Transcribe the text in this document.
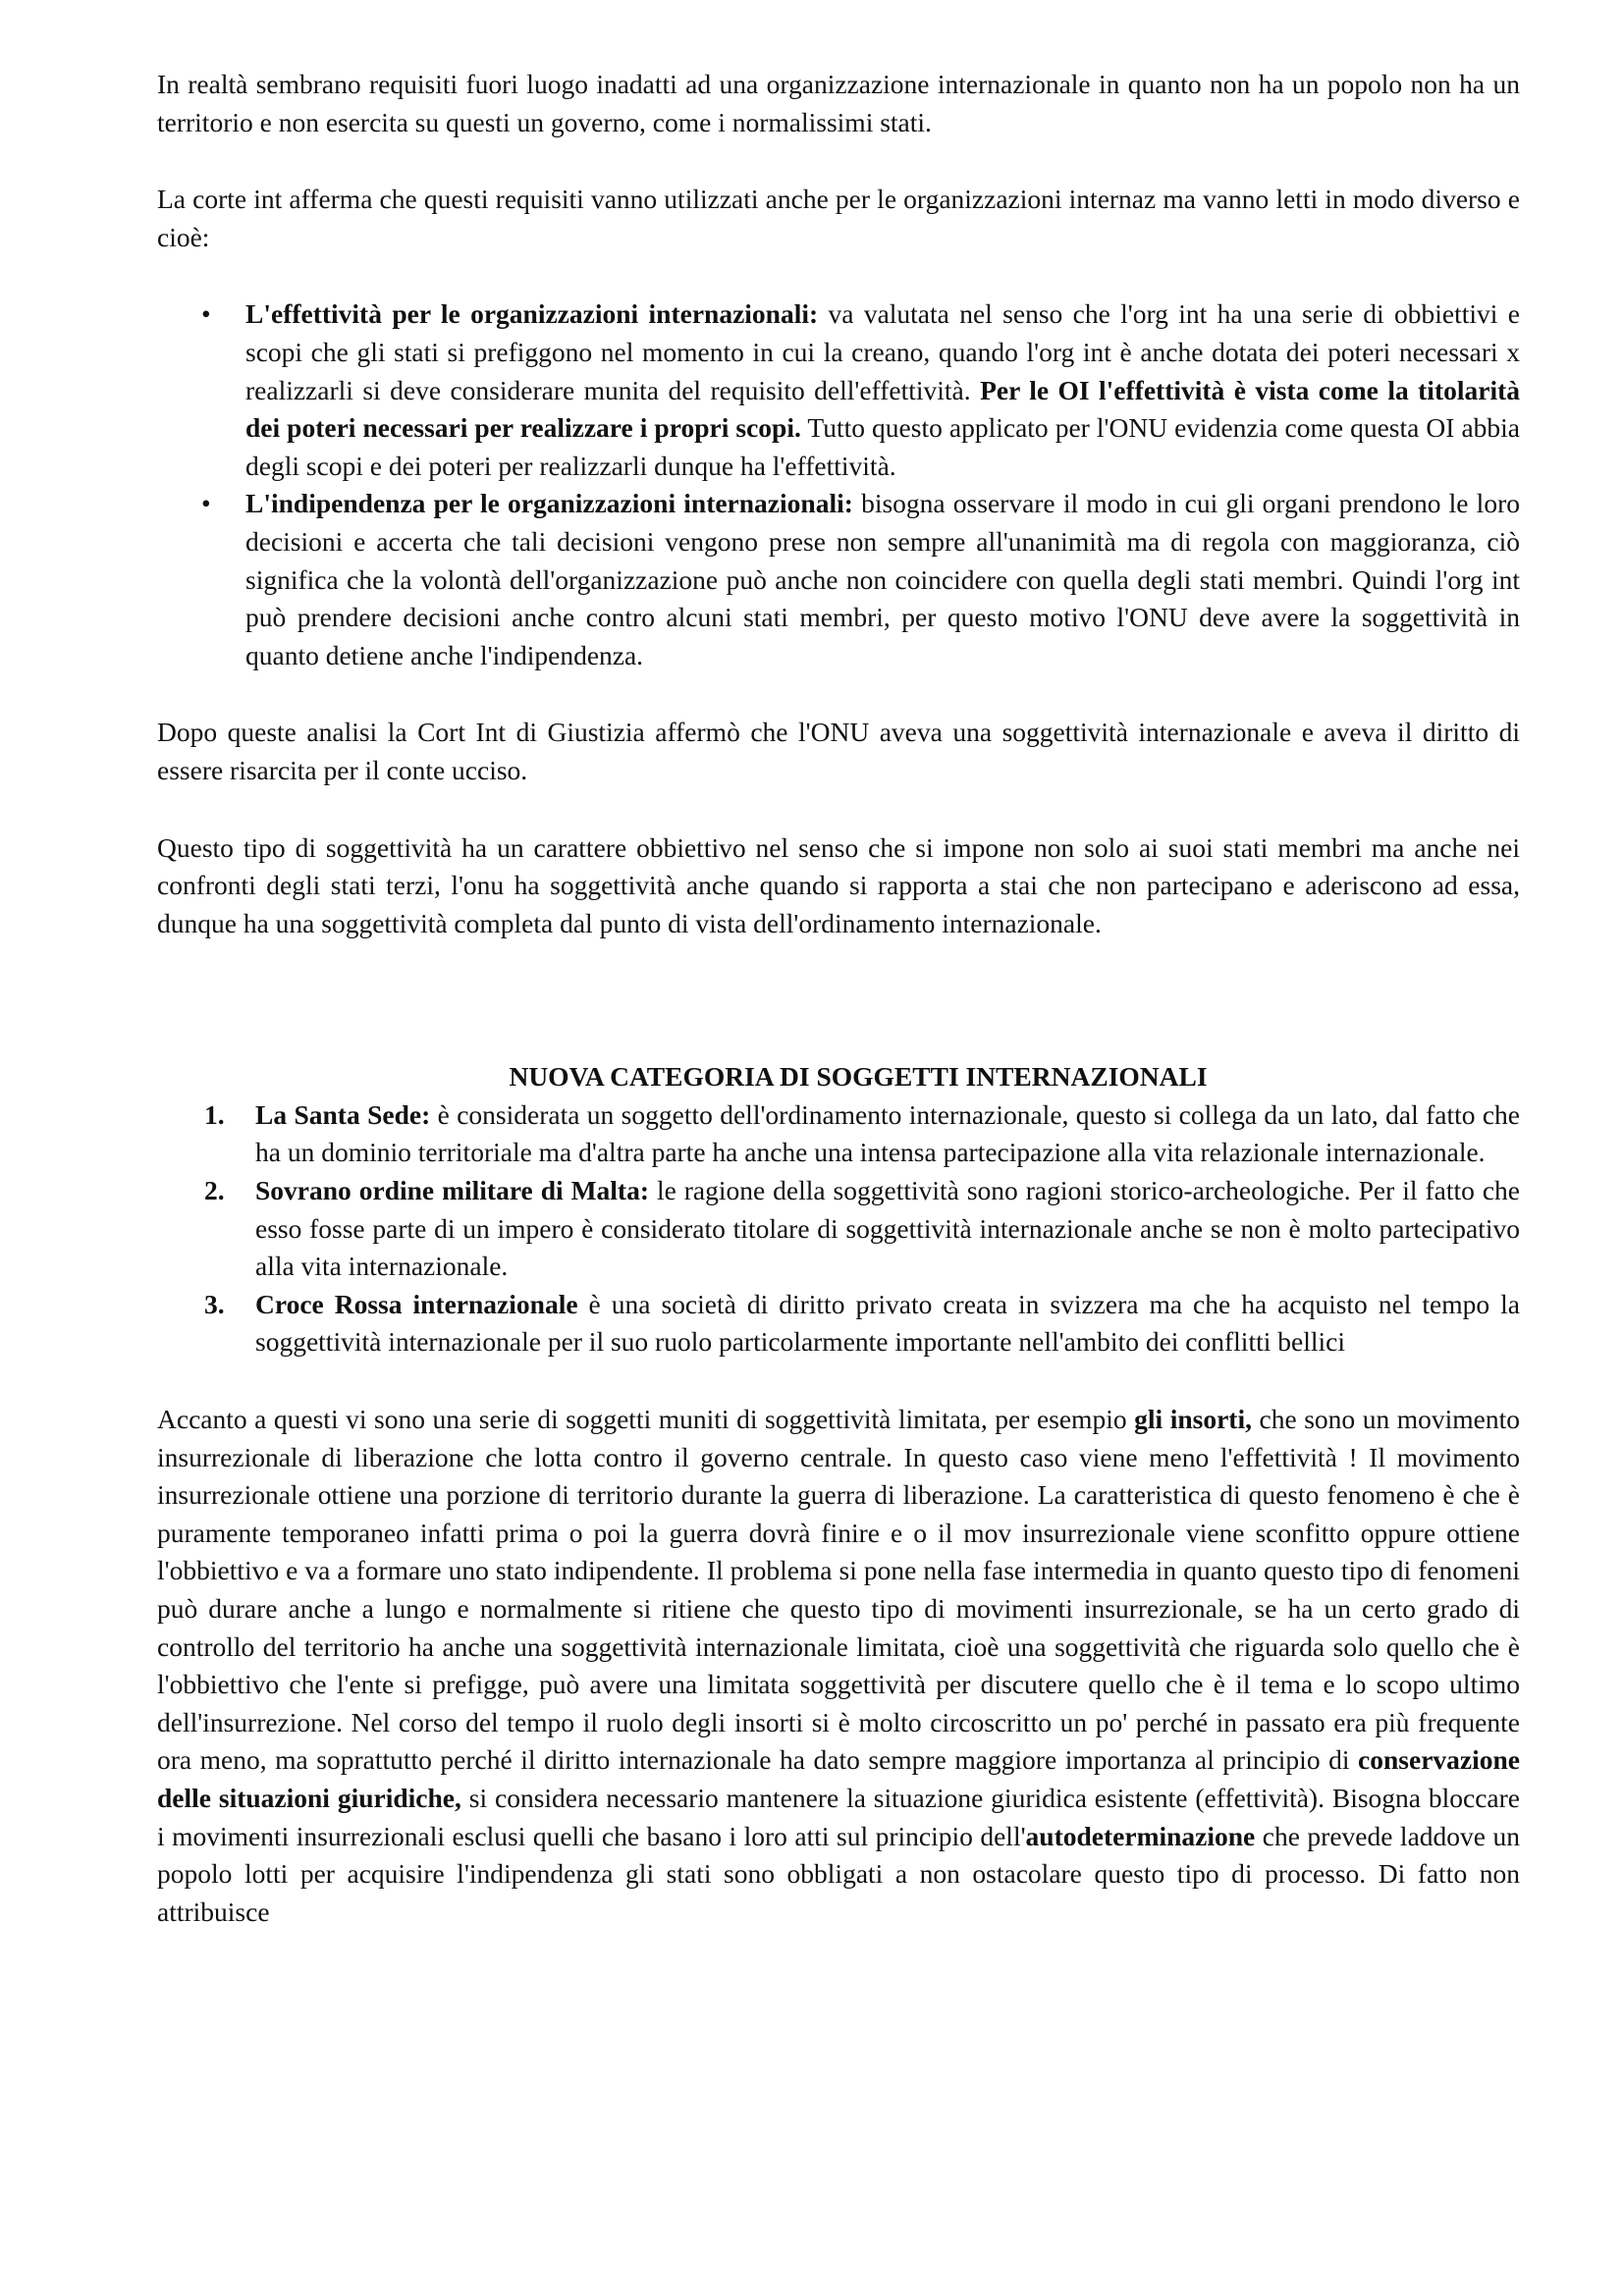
In realtà sembrano requisiti fuori luogo inadatti ad una organizzazione internazionale in quanto non ha un popolo non ha un territorio e non esercita su questi un governo, come i normalissimi stati.

La corte int afferma che questi requisiti vanno utilizzati anche per le organizzazioni internaz ma vanno letti in modo diverso e cioè:

• L'effettività per le organizzazioni internazionali: va valutata nel senso che l'org int ha una serie di obbiettivi e scopi che gli stati si prefiggono nel momento in cui la creano, quando l'org int è anche dotata dei poteri necessari x realizzarli si deve considerare munita del requisito dell'effettività. Per le OI l'effettività è vista come la titolarità dei poteri necessari per realizzare i propri scopi. Tutto questo applicato per l'ONU evidenzia come questa OI abbia degli scopi e dei poteri per realizzarli dunque ha l'effettività.
• L'indipendenza per le organizzazioni internazionali: bisogna osservare il modo in cui gli organi prendono le loro decisioni e accerta che tali decisioni vengono prese non sempre all'unanimità ma di regola con maggioranza, ciò significa che la volontà dell'organizzazione può anche non coincidere con quella degli stati membri. Quindi l'org int può prendere decisioni anche contro alcuni stati membri, per questo motivo l'ONU deve avere la soggettività in quanto detiene anche l'indipendenza.

Dopo queste analisi la Cort Int di Giustizia affermò che l'ONU aveva una soggettività internazionale e aveva il diritto di essere risarcita per il conte ucciso.

Questo tipo di soggettività ha un carattere obbiettivo nel senso che si impone non solo ai suoi stati membri ma anche nei confronti degli stati terzi, l'onu ha soggettività anche quando si rapporta a stai che non partecipano e aderiscono ad essa, dunque ha una soggettività completa dal punto di vista dell'ordinamento internazionale.

NUOVA CATEGORIA DI SOGGETTI INTERNAZIONALI
1. La Santa Sede: è considerata un soggetto dell'ordinamento internazionale, questo si collega da un lato, dal fatto che ha un dominio territoriale ma d'altra parte ha anche una intensa partecipazione alla vita relazionale internazionale.
2. Sovrano ordine militare di Malta: le ragione della soggettività sono ragioni storico-archeologiche. Per il fatto che esso fosse parte di un impero è considerato titolare di soggettività internazionale anche se non è molto partecipativo alla vita internazionale.
3. Croce Rossa internazionale è una società di diritto privato creata in svizzera ma che ha acquisto nel tempo la soggettività internazionale per il suo ruolo particolarmente importante nell'ambito dei conflitti bellici

Accanto a questi vi sono una serie di soggetti muniti di soggettività limitata, per esempio gli insorti, che sono un movimento insurrezionale di liberazione che lotta contro il governo centrale. In questo caso viene meno l'effettività ! Il movimento insurrezionale ottiene una porzione di territorio durante la guerra di liberazione. La caratteristica di questo fenomeno è che è puramente temporaneo infatti prima o poi la guerra dovrà finire e o il mov insurrezionale viene sconfitto oppure ottiene l'obbiettivo e va a formare uno stato indipendente. Il problema si pone nella fase intermedia in quanto questo tipo di fenomeni può durare anche a lungo e normalmente si ritiene che questo tipo di movimenti insurrezionale, se ha un certo grado di controllo del territorio ha anche una soggettività internazionale limitata, cioè una soggettività che riguarda solo quello che è l'obbiettivo che l'ente si prefigge, può avere una limitata soggettività per discutere quello che è il tema e lo scopo ultimo dell'insurrezione. Nel corso del tempo il ruolo degli insorti si è molto circoscritto un po' perché in passato era più frequente ora meno, ma soprattutto perché il diritto internazionale ha dato sempre maggiore importanza al principio di conservazione delle situazioni giuridiche, si considera necessario mantenere la situazione giuridica esistente (effettività). Bisogna bloccare i movimenti insurrezionali esclusi quelli che basano i loro atti sul principio dell'autodeterminazione che prevede laddove un popolo lotti per acquisire l'indipendenza gli stati sono obbligati a non ostacolare questo tipo di processo. Di fatto non attribuisce
